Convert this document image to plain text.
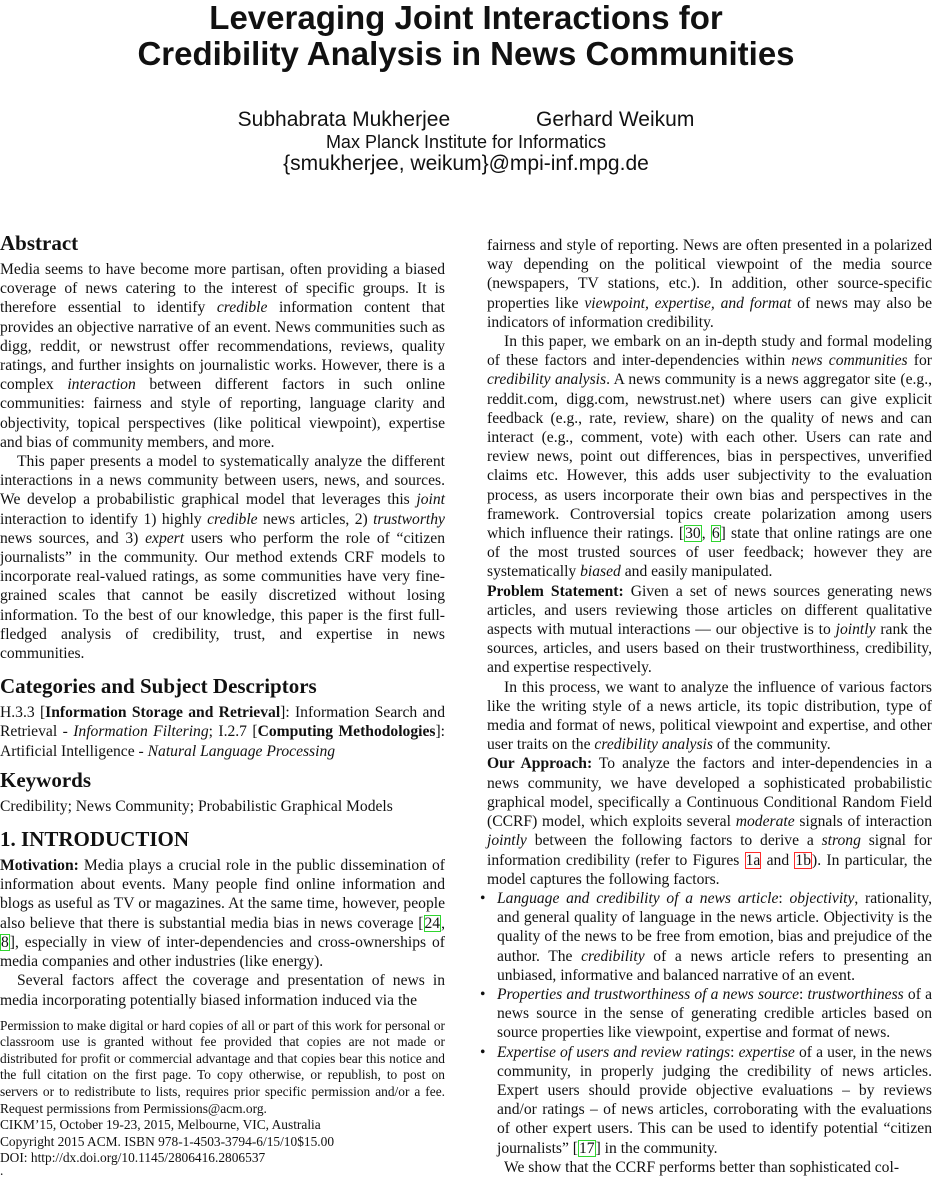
Leveraging Joint Interactions for
Credibility Analysis in News Communities
Subhabrata Mukherjee	Gerhard Weikum
Max Planck Institute for Informatics
{smukherjee, weikum}@mpi-inf.mpg.de
Abstract

Media seems to have become more partisan, often providing a biased coverage of news catering to the interest of specific groups. It is therefore essential to identify credible information content that provides an objective narrative of an event. News communities such as digg, reddit, or newstrust offer recommendations, reviews, quality ratings, and further insights on journalistic works. However, there is a complex interaction between different factors in such online communities: fairness and style of reporting, language clarity and objectivity, topical perspectives (like political viewpoint), expertise and bias of community members, and more.

This paper presents a model to systematically analyze the different interactions in a news community between users, news, and sources. We develop a probabilistic graphical model that leverages this joint interaction to identify 1) highly credible news articles, 2) trustworthy news sources, and 3) expert users who perform the role of “citizen journalists” in the community. Our method extends CRF models to incorporate real-valued ratings, as some communities have very fine-grained scales that cannot be easily discretized without losing information. To the best of our knowledge, this paper is the first full-fledged analysis of credibility, trust, and expertise in news communities.

Categories and Subject Descriptors

H.3.3 [Information Storage and Retrieval]: Information Search and Retrieval - Information Filtering; I.2.7 [Computing Methodologies]: Artificial Intelligence - Natural Language Processing

Keywords

Credibility; News Community; Probabilistic Graphical Models

1. INTRODUCTION

Motivation: Media plays a crucial role in the public dissemination of information about events. Many people find online information and blogs as useful as TV or magazines. At the same time, however, people also believe that there is substantial media bias in news coverage [24, 8], especially in view of inter-dependencies and cross-ownerships of media companies and other industries (like energy).

Several factors affect the coverage and presentation of news in media incorporating potentially biased information induced via the

Permission to make digital or hard copies of all or part of this work for personal or classroom use is granted without fee provided that copies are not made or distributed for profit or commercial advantage and that copies bear this notice and the full citation on the first page. To copy otherwise, or republish, to post on servers or to redistribute to lists, requires prior specific permission and/or a fee. Request permissions from Permissions@acm.org.
CIKM’15, October 19-23, 2015, Melbourne, VIC, Australia
Copyright 2015 ACM. ISBN 978-1-4503-3794-6/15/10$15.00
DOI: http://dx.doi.org/10.1145/2806416.2806537
.

fairness and style of reporting. News are often presented in a polarized way depending on the political viewpoint of the media source (newspapers, TV stations, etc.). In addition, other source-specific properties like viewpoint, expertise, and format of news may also be indicators of information credibility.

In this paper, we embark on an in-depth study and formal modeling of these factors and inter-dependencies within news communities for credibility analysis. A news community is a news aggregator site (e.g., reddit.com, digg.com, newstrust.net) where users can give explicit feedback (e.g., rate, review, share) on the quality of news and can interact (e.g., comment, vote) with each other. Users can rate and review news, point out differences, bias in perspectives, unverified claims etc. However, this adds user subjectivity to the evaluation process, as users incorporate their own bias and perspectives in the framework. Controversial topics create polarization among users which influence their ratings. [30, 6] state that online ratings are one of the most trusted sources of user feedback; however they are systematically biased and easily manipulated.

Problem Statement: Given a set of news sources generating news articles, and users reviewing those articles on different qualitative aspects with mutual interactions — our objective is to jointly rank the sources, articles, and users based on their trustworthiness, credibility, and expertise respectively.

In this process, we want to analyze the influence of various factors like the writing style of a news article, its topic distribution, type of media and format of news, political viewpoint and expertise, and other user traits on the credibility analysis of the community.

Our Approach: To analyze the factors and inter-dependencies in a news community, we have developed a sophisticated probabilistic graphical model, specifically a Continuous Conditional Random Field (CCRF) model, which exploits several moderate signals of interaction jointly between the following factors to derive a strong signal for information credibility (refer to Figures 1a and 1b). In particular, the model captures the following factors.

• Language and credibility of a news article: objectivity, rationality, and general quality of language in the news article. Objectivity is the quality of the news to be free from emotion, bias and prejudice of the author. The credibility of a news article refers to presenting an unbiased, informative and balanced narrative of an event.
• Properties and trustworthiness of a news source: trustworthiness of a news source in the sense of generating credible articles based on source properties like viewpoint, expertise and format of news.
• Expertise of users and review ratings: expertise of a user, in the news community, in properly judging the credibility of news articles. Expert users should provide objective evaluations – by reviews and/or ratings – of news articles, corroborating with the evaluations of other expert users. This can be used to identify potential “citizen journalists” [17] in the community.

We show that the CCRF performs better than sophisticated col-
